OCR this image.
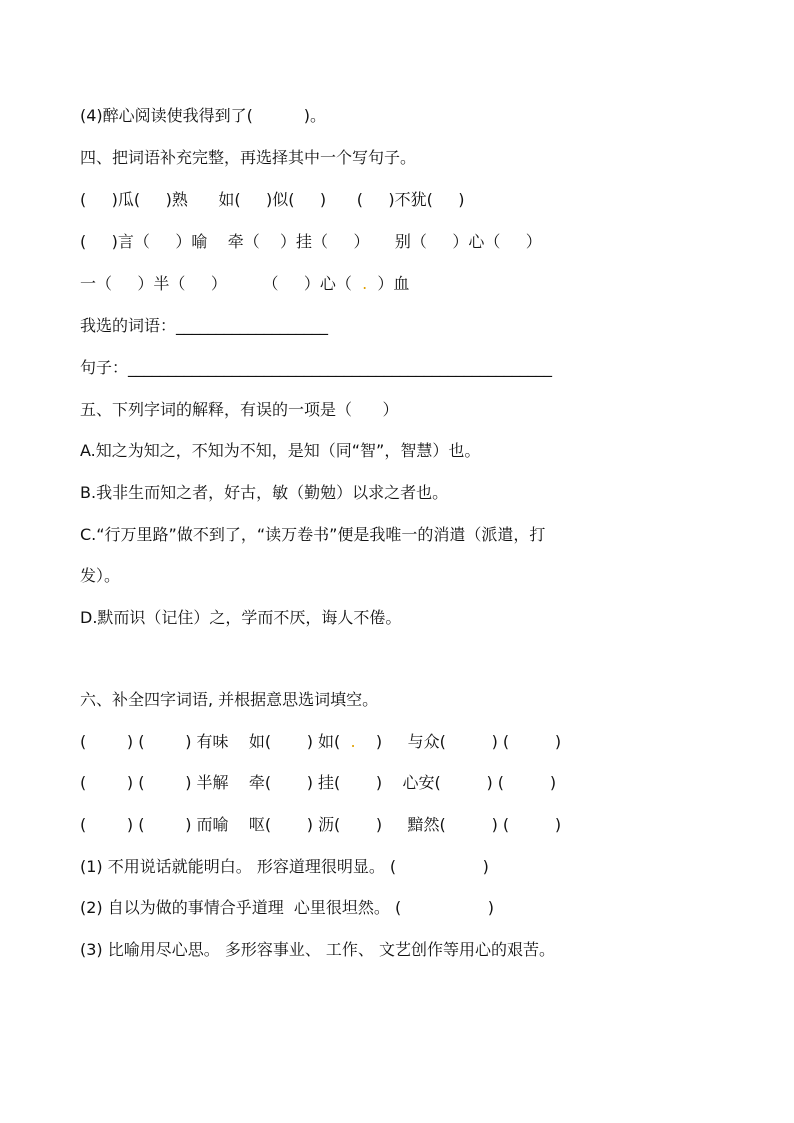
(4)醉心阅读使我得到了(          )。
四、把词语补充完整，再选择其中一个写句子。
(     )瓜(     )熟      如(     )似(     )      (     )不犹(     )
(     )言（     ）喻    牵（    ）挂（     ）     别（     ）心（     ）
一（     ）半（     ）       （     ）心（  .  ）血
我选的词语：___________________
句子：_____________________________________________________
五、下列字词的解释，有误的一项是（      ）
A.知之为知之，不知为不知，是知（同“智”，智慧）也。
B.我非生而知之者，好古，敏（勤勉）以求之者也。
C.“行万里路”做不到了，“读万卷书”便是我唯一的消遣（派遣，打
发）。
D.默而识（记住）之，学而不厌，诲人不倦。
六、补全四字词语, 并根据意思选词填空。
(        ) (        ) 有味    如(       ) 如(  .    )     与众(         ) (         )
(        ) (        ) 半解    牵(       ) 挂(       )    心安(         ) (         )
(        ) (        ) 而喻    呕(       ) 沥(       )     黯然(         ) (         )
(1) 不用说话就能明白。 形容道理很明显。 (                 )
(2) 自以为做的事情合乎道理  心里很坦然。 (                 )
(3) 比喻用尽心思。 多形容事业、 工作、 文艺创作等用心的艰苦。
